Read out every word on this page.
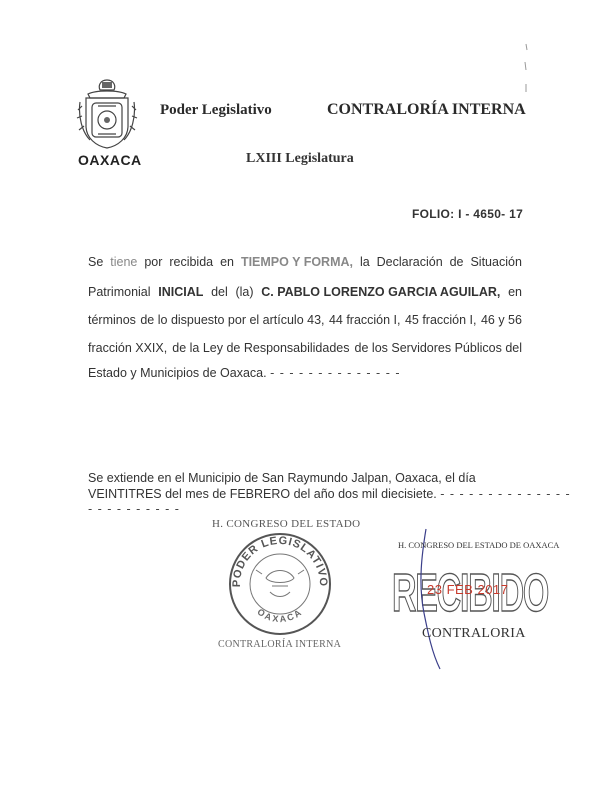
OAXACA
Poder Legislativo	CONTRALORÍA INTERNA
LXIII Legislatura
FOLIO: I - 4650- 17
Se tiene por recibida en TIEMPO Y FORMA, la Declaración de Situación
Patrimonial INICIAL del (la) C. PABLO LORENZO GARCIA AGUILAR, en
términos de lo dispuesto por el artículo 43, 44 fracción I, 45 fracción I, 46 y 56
fracción XXIX, de la Ley de Responsabilidades de los Servidores Públicos del
Estado y Municipios de Oaxaca. - - - - - - - - - - - - - -
Se extiende en el Municipio de San Raymundo Jalpan, Oaxaca, el día
VEINTITRES del mes de FEBRERO del año dos mil diecisiete. - - - - - - - - - - - - - -
- - - - - - - - - -
H. CONGRESO DEL ESTADO
PODER LEGISLATIVO
OAXACA
CONTRALORÍA INTERNA
RECIBIDO
H. CONGRESO DEL ESTADO DE OAXACA
23 FEB 2017
CONTRALORIA
